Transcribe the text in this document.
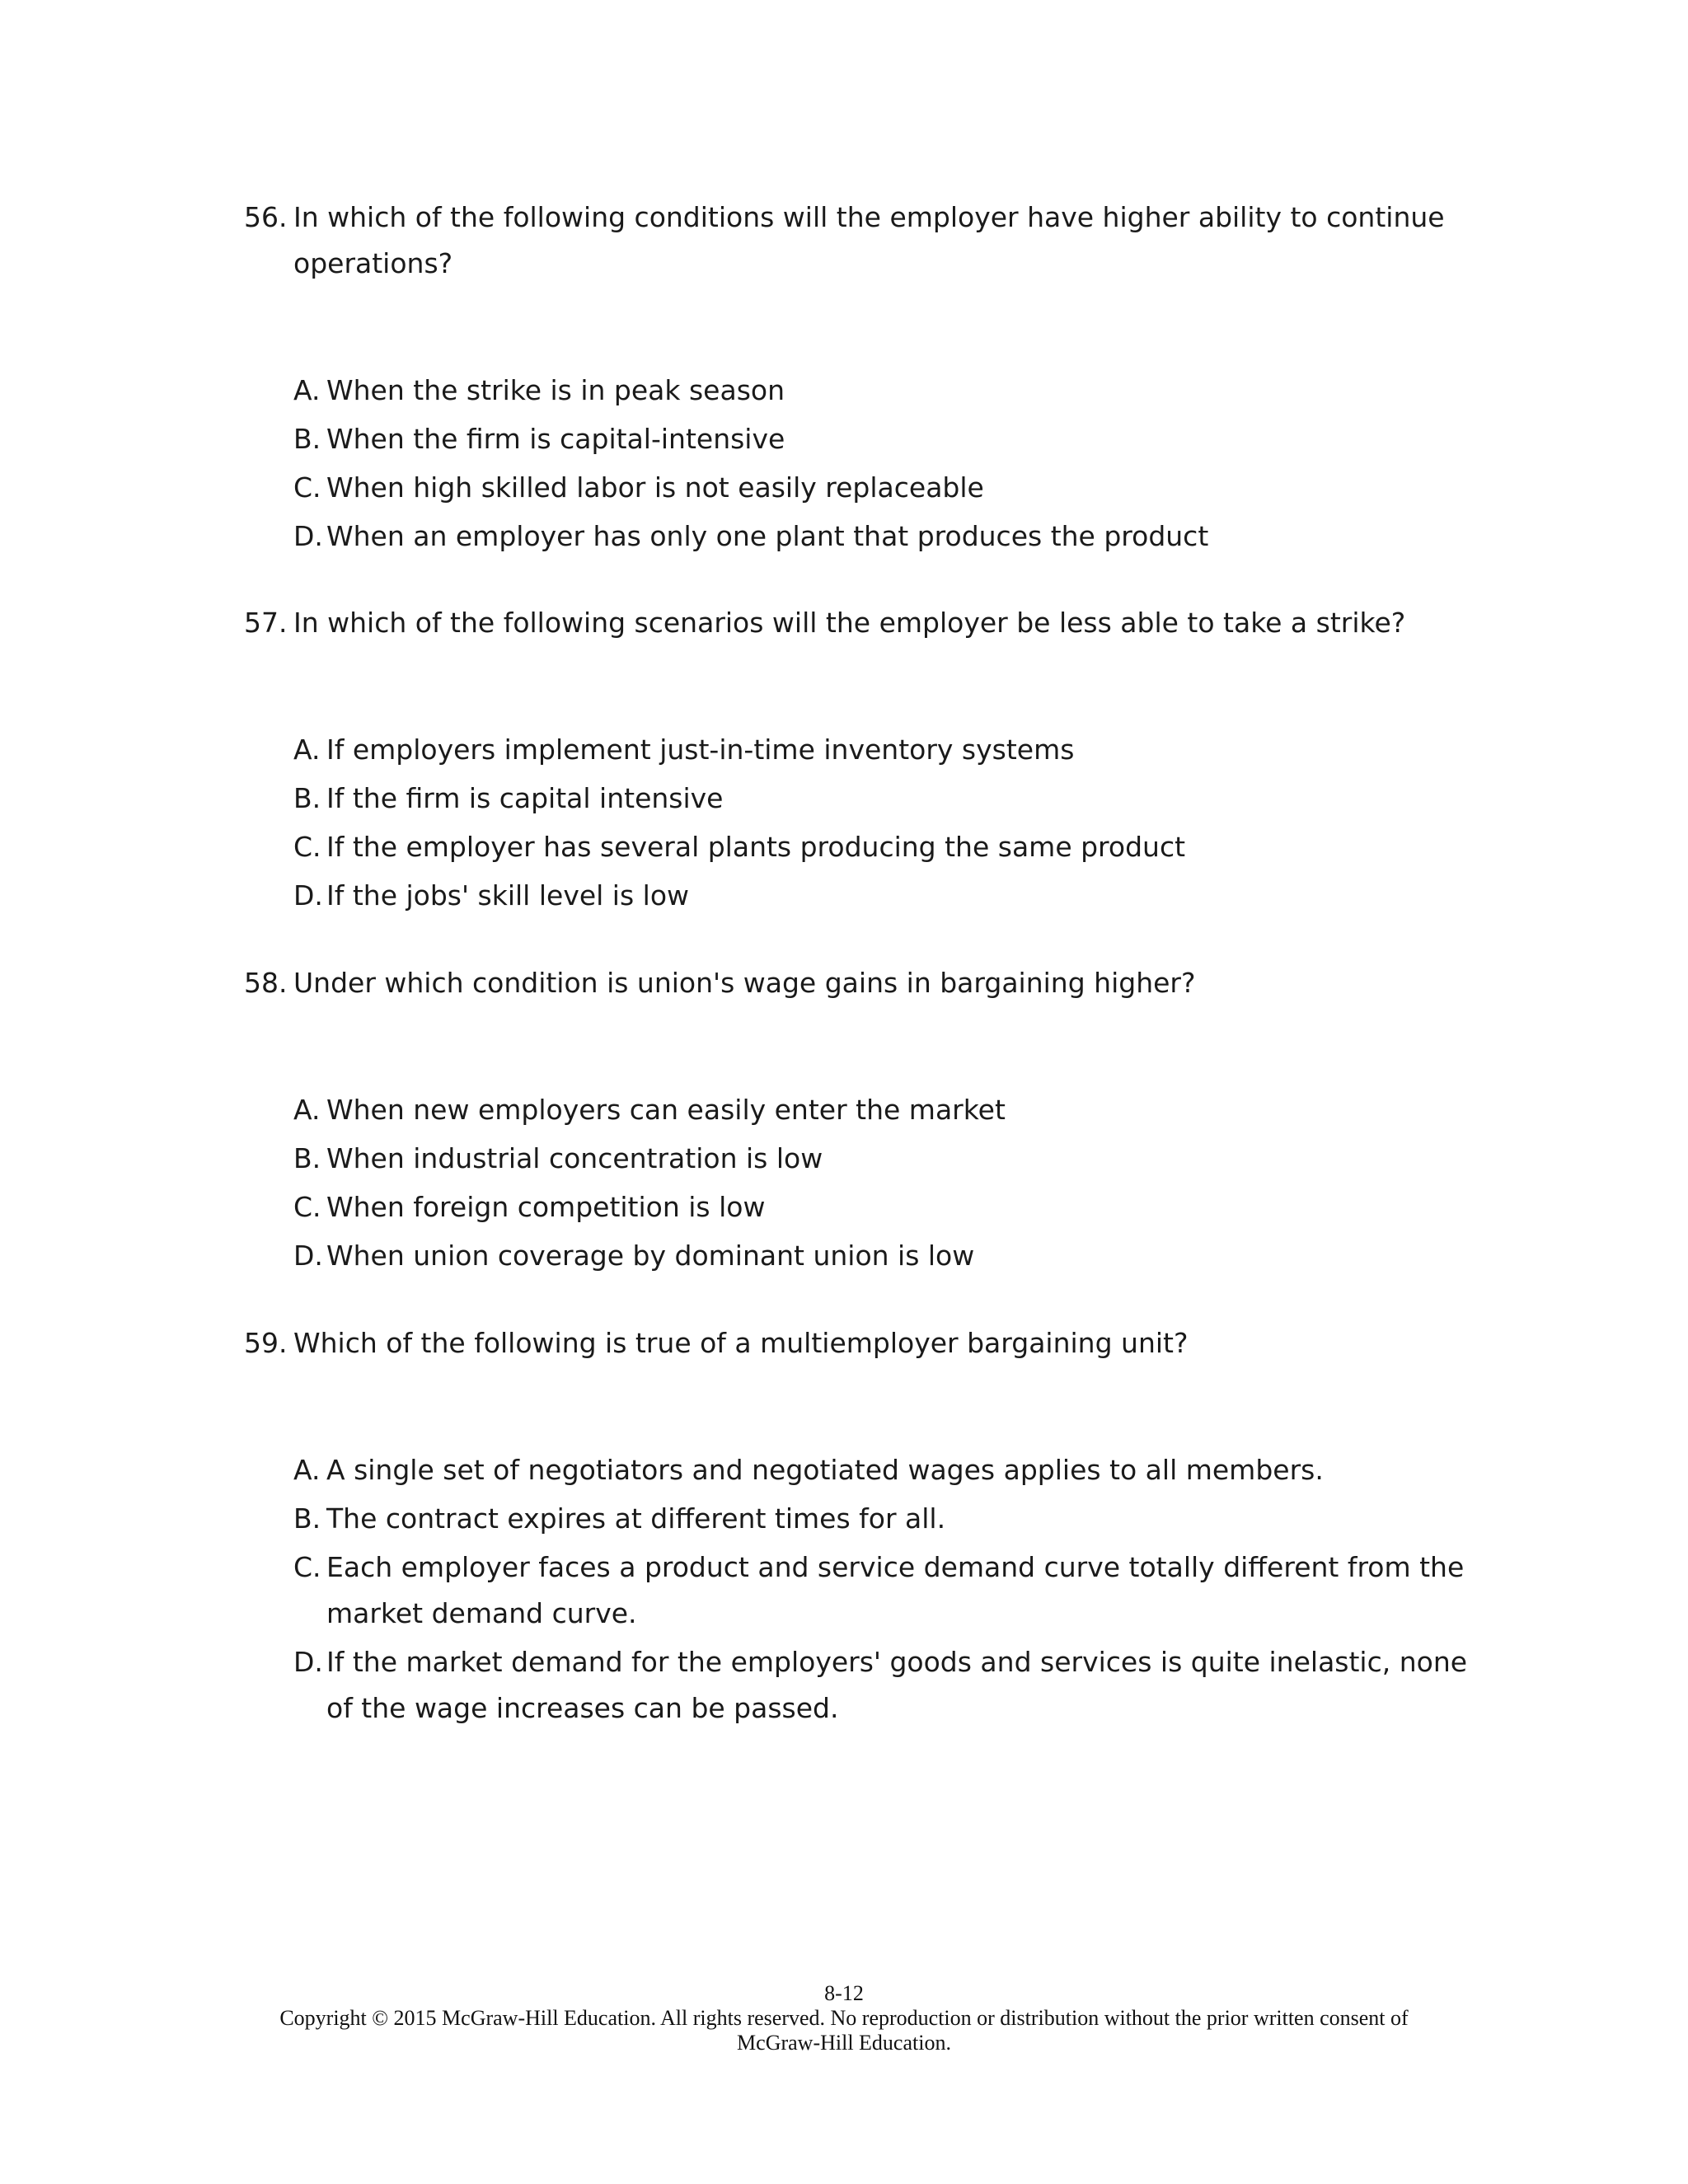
56. In which of the following conditions will the employer have higher ability to continue operations?
A. When the strike is in peak season
B. When the firm is capital-intensive
C. When high skilled labor is not easily replaceable
D. When an employer has only one plant that produces the product
57. In which of the following scenarios will the employer be less able to take a strike?
A. If employers implement just-in-time inventory systems
B. If the firm is capital intensive
C. If the employer has several plants producing the same product
D. If the jobs' skill level is low
58. Under which condition is union's wage gains in bargaining higher?
A. When new employers can easily enter the market
B. When industrial concentration is low
C. When foreign competition is low
D. When union coverage by dominant union is low
59. Which of the following is true of a multiemployer bargaining unit?
A. A single set of negotiators and negotiated wages applies to all members.
B. The contract expires at different times for all.
C. Each employer faces a product and service demand curve totally different from the market demand curve.
D. If the market demand for the employers' goods and services is quite inelastic, none of the wage increases can be passed.
8-12
Copyright © 2015 McGraw-Hill Education. All rights reserved. No reproduction or distribution without the prior written consent of
McGraw-Hill Education.
